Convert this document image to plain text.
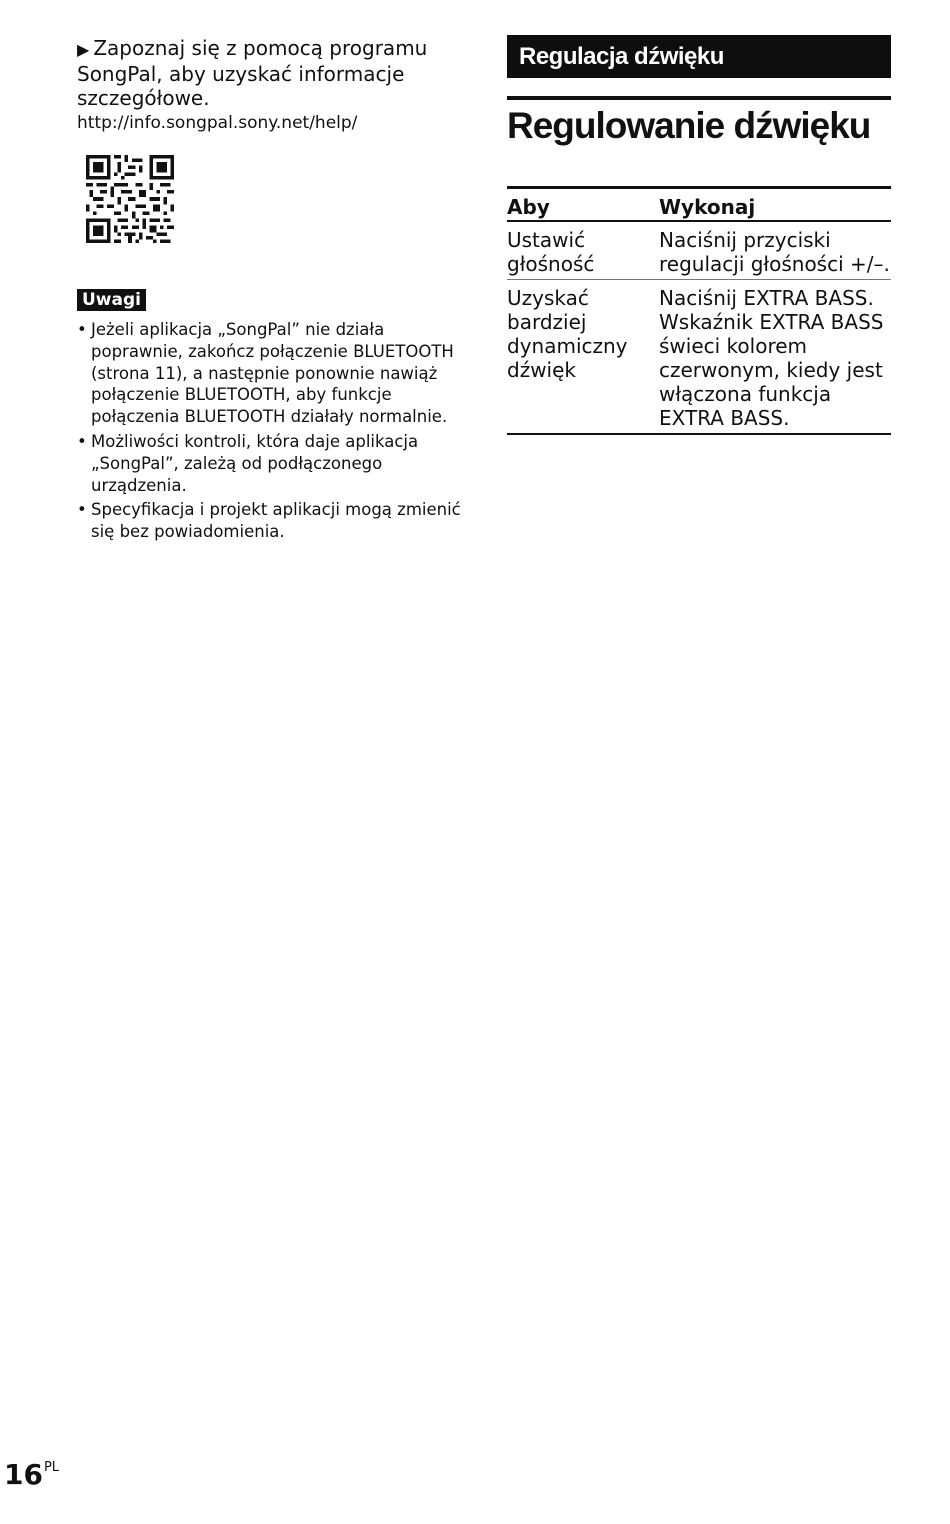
▶ Zapoznaj się z pomocą programu SongPal, aby uzyskać informacje szczegółowe.

http://info.songpal.sony.net/help/

Uwagi
• Jeżeli aplikacja „SongPal” nie działa poprawnie, zakończ połączenie BLUETOOTH (strona 11), a następnie ponownie nawiąż połączenie BLUETOOTH, aby funkcje połączenia BLUETOOTH działały normalnie.
• Możliwości kontroli, która daje aplikacja „SongPal”, zależą od podłączonego urządzenia.
• Specyfikacja i projekt aplikacji mogą zmienić się bez powiadomienia.
Regulacja dźwięku
Regulowanie dźwięku
Aby	Wykonaj
Ustawić głośność	Naciśnij przyciski regulacji głośności +/–.
Uzyskać bardziej dynamiczny dźwięk	Naciśnij EXTRA BASS. Wskaźnik EXTRA BASS świeci kolorem czerwonym, kiedy jest włączona funkcja EXTRA BASS.
$16^{PL}$
